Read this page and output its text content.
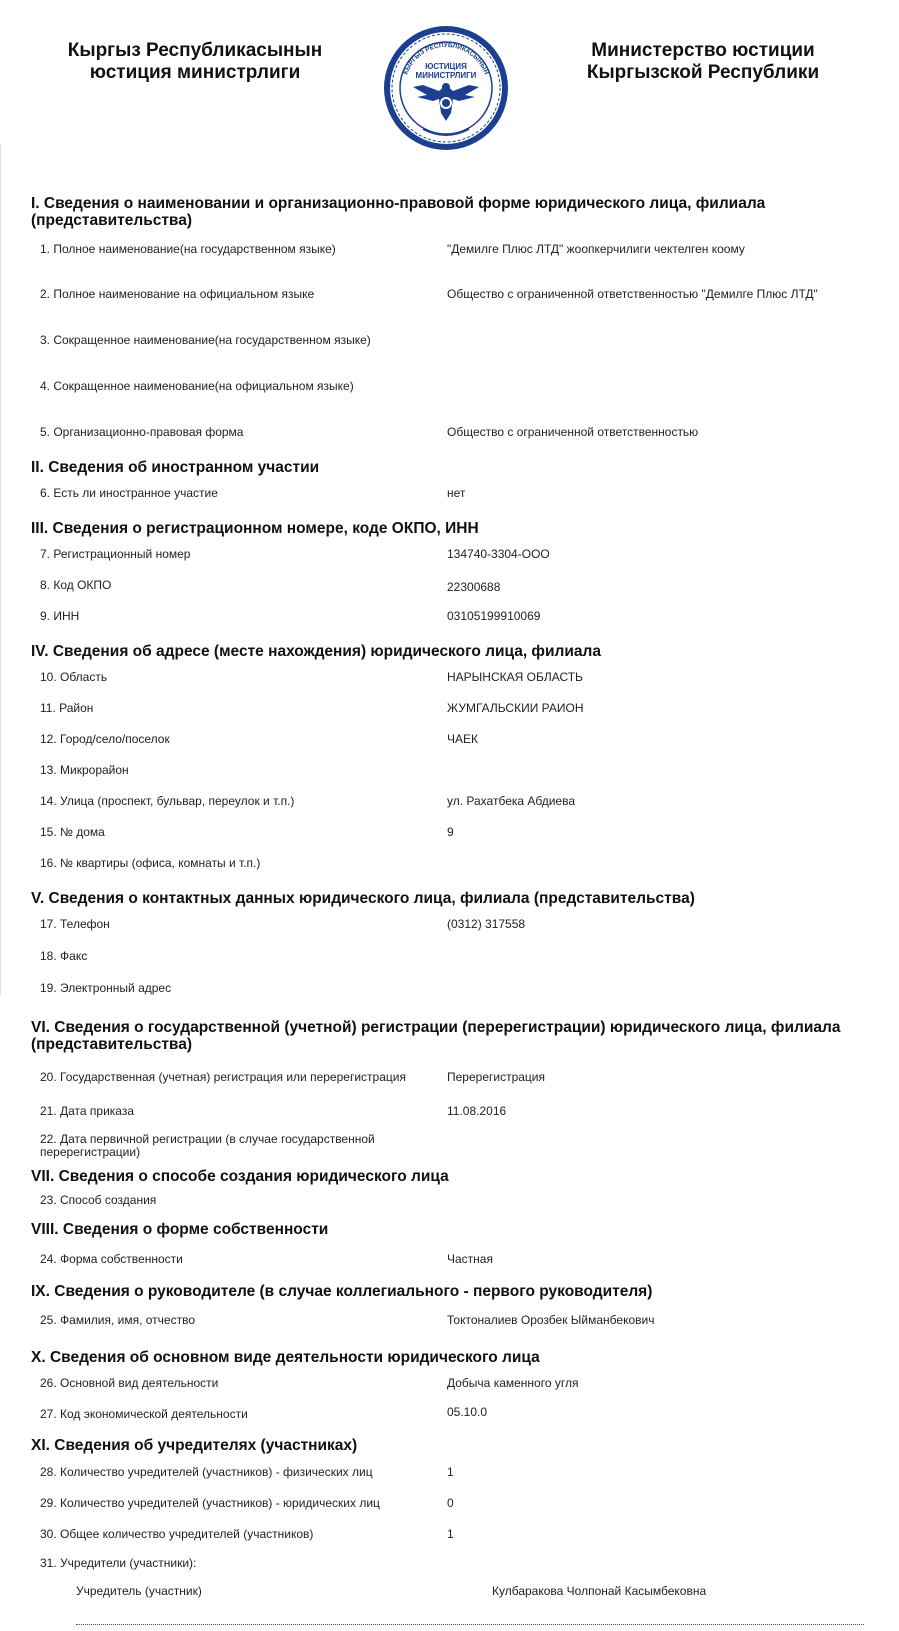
Кыргыз Республикасынын
юстиция министрлиги	КЫРГЫЗ РЕСПУБЛИКАСЫНЫН
ЮСТИЦИЯ
МИНИСТРЛИГИ
Министерство юстиции
Кыргызской Республики
I. Сведения о наименовании и организационно-правовой форме юридического лица, филиала (представительства)
1. Полное наименование(на государственном языке)	"Демилге Плюс ЛТД" жоопкерчилиги чектелген коому
2. Полное наименование на официальном языке	Общество с ограниченной ответственностью "Демилге Плюс ЛТД"
3. Сокращенное наименование(на государственном языке)
4. Сокращенное наименование(на официальном языке)
5. Организационно-правовая форма	Общество с ограниченной ответственностью
II. Сведения об иностранном участии
6. Есть ли иностранное участие	нет
III. Сведения о регистрационном номере, коде ОКПО, ИНН
7. Регистрационный номер	134740-3304-ООО
8. Код ОКПО	22300688
9. ИНН	03105199910069
IV. Сведения об адресе (месте нахождения) юридического лица, филиала
10. Область	НАРЫНСКАЯ ОБЛАСТЬ
11. Район	ЖУМГАЛЬСКИИ РАИОН
12. Город/село/поселок	ЧАЕК
13. Микрорайон
14. Улица (проспект, бульвар, переулок и т.п.)	ул. Рахатбека Абдиева
15. № дома	9
16. № квартиры (офиса, комнаты и т.п.)
V. Сведения о контактных данных юридического лица, филиала (представительства)
17. Телефон	(0312) 317558
18. Факс
19. Электронный адрес
VI. Сведения о государственной (учетной) регистрации (перерегистрации) юридического лица, филиала (представительства)
20. Государственная (учетная) регистрация или перерегистрация	Перерегистрация
21. Дата приказа	11.08.2016
22. Дата первичной регистрации (в случае государственной перерегистрации)
VII. Сведения о способе создания юридического лица
23. Способ создания
VIII. Сведения о форме собственности
24. Форма собственности	Частная
IX. Сведения о руководителе (в случае коллегиального - первого руководителя)
25. Фамилия, имя, отчество	Токтоналиев Орозбек Ыйманбекович
X. Сведения об основном виде деятельности юридического лица
26. Основной вид деятельности	Добыча каменного угля
27. Код экономической деятельности	05.10.0
XI. Сведения об учредителях (участниках)
28. Количество учредителей (участников) - физических лиц	1
29. Количество учредителей (участников) - юридических лиц	0
30. Общее количество учредителей (участников)	1
31. Учредители (участники):
Учредитель (участник)	Кулбаракова Чолпонай Касымбековна
